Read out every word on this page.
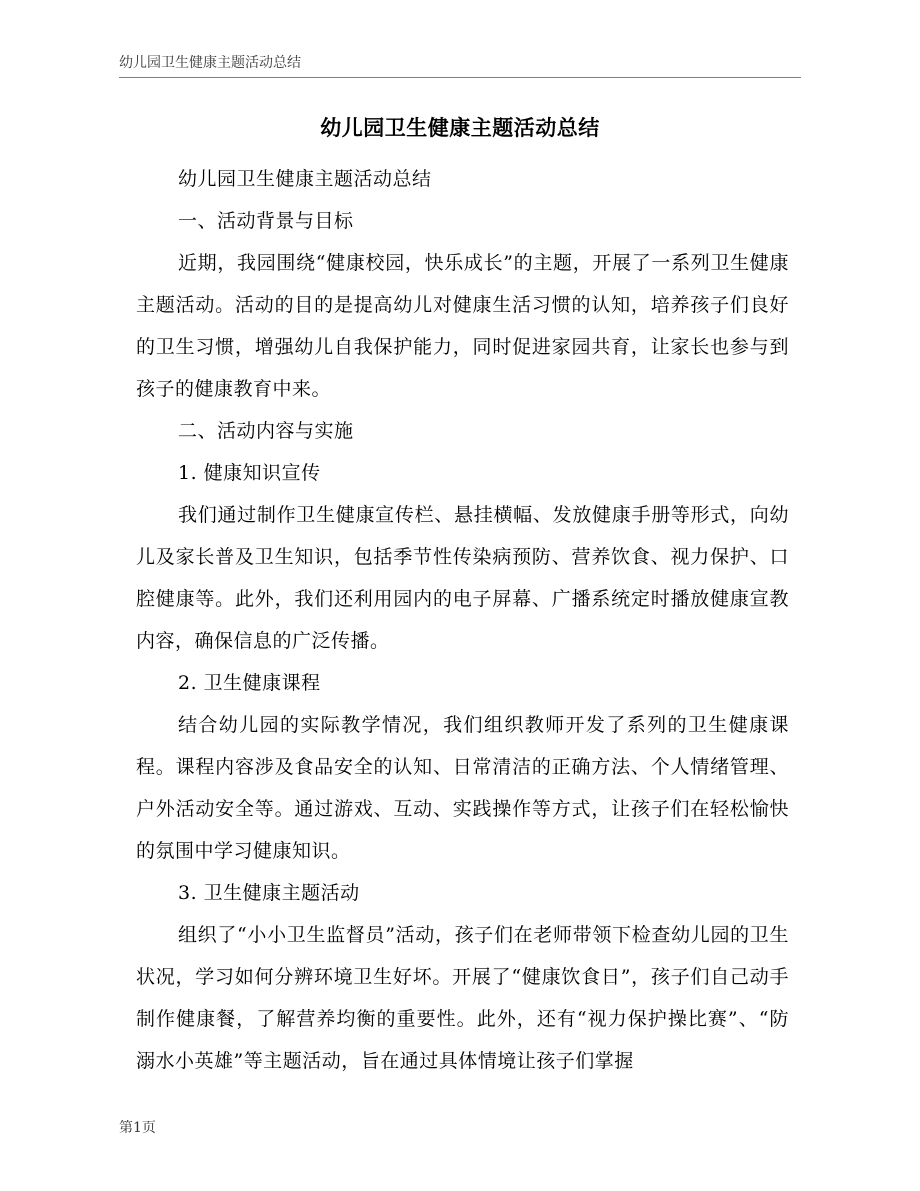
幼儿园卫生健康主题活动总结
幼儿园卫生健康主题活动总结

幼儿园卫生健康主题活动总结

一、活动背景与目标

近期，我园围绕“健康校园，快乐成长”的主题，开展了一系列卫生健康主题活动。活动的目的是提高幼儿对健康生活习惯的认知，培养孩子们良好的卫生习惯，增强幼儿自我保护能力，同时促进家园共育，让家长也参与到孩子的健康教育中来。

二、活动内容与实施

1. 健康知识宣传

我们通过制作卫生健康宣传栏、悬挂横幅、发放健康手册等形式，向幼儿及家长普及卫生知识，包括季节性传染病预防、营养饮食、视力保护、口腔健康等。此外，我们还利用园内的电子屏幕、广播系统定时播放健康宣教内容，确保信息的广泛传播。

2. 卫生健康课程

结合幼儿园的实际教学情况，我们组织教师开发了系列的卫生健康课程。课程内容涉及食品安全的认知、日常清洁的正确方法、个人情绪管理、户外活动安全等。通过游戏、互动、实践操作等方式，让孩子们在轻松愉快的氛围中学习健康知识。

3. 卫生健康主题活动

组织了“小小卫生监督员”活动，孩子们在老师带领下检查幼儿园的卫生状况，学习如何分辨环境卫生好坏。开展了“健康饮食日”，孩子们自己动手制作健康餐，了解营养均衡的重要性。此外，还有“视力保护操比赛”、“防溺水小英雄”等主题活动，旨在通过具体情境让孩子们掌握

第1页
